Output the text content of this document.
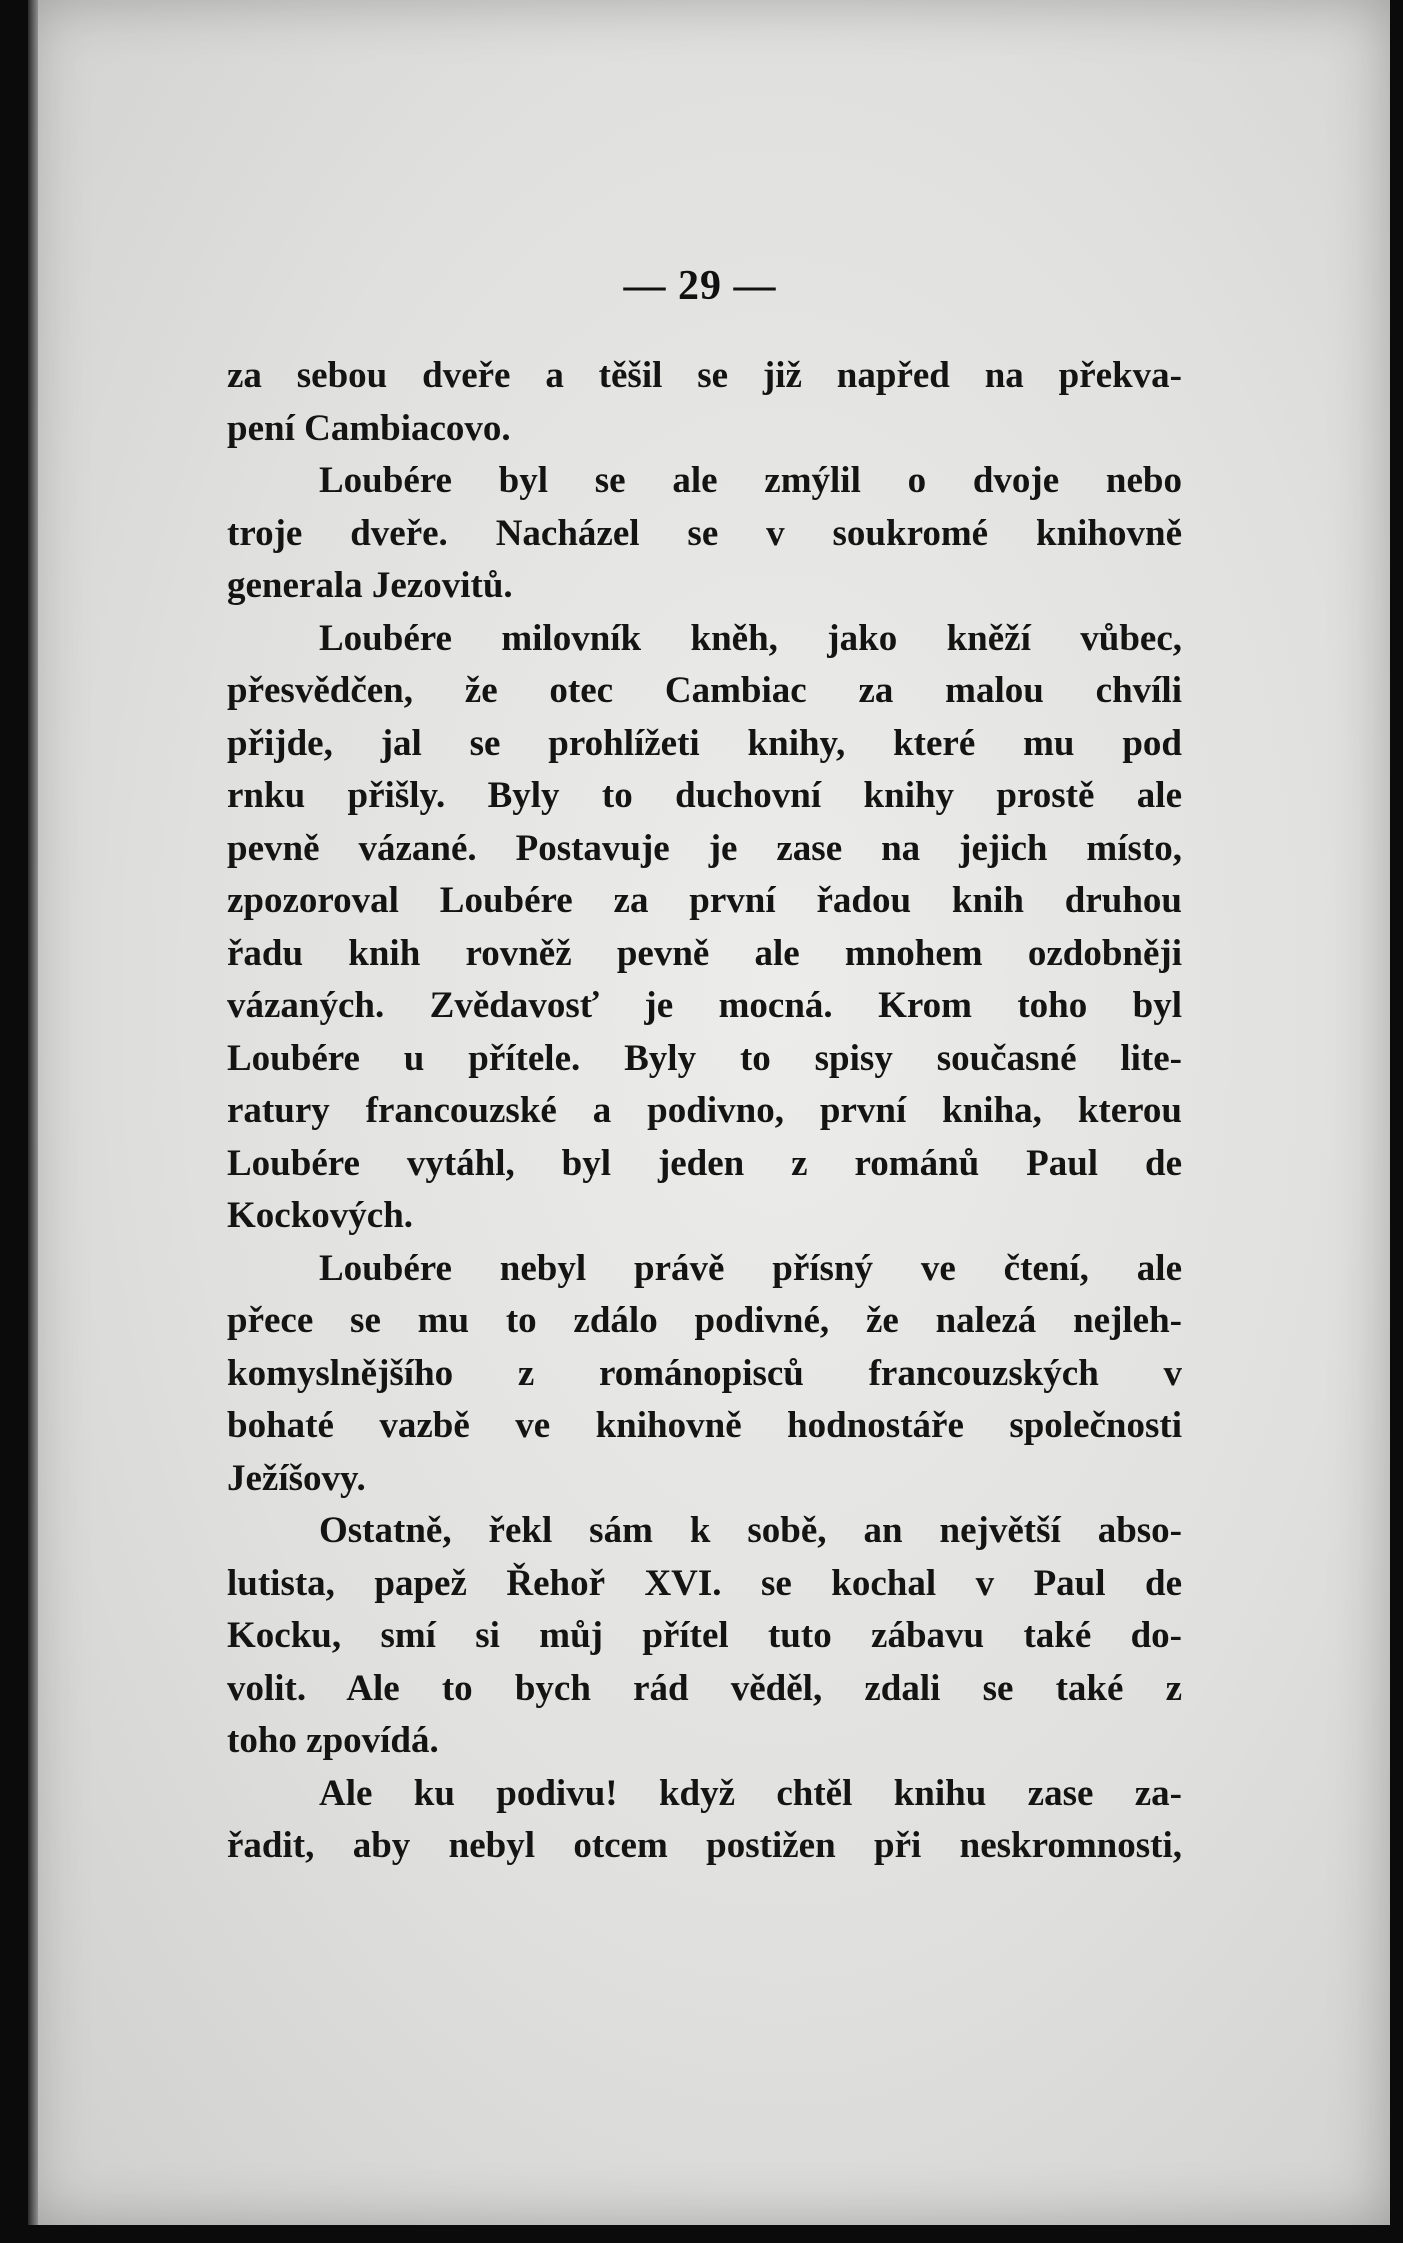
— 29 —
za sebou dveře a těšil se již napřed na překva-
pení Cambiacovo.
Loubére byl se ale zmýlil o dvoje nebo
troje dveře. Nacházel se v soukromé knihovně
generala Jezovitů.
Loubére milovník kněh, jako kněží vůbec,
přesvědčen, že otec Cambiac za malou chvíli
přijde, jal se prohlížeti knihy, které mu pod
rnku přišly. Byly to duchovní knihy prostě ale
pevně vázané. Postavuje je zase na jejich místo,
zpozoroval Loubére za první řadou knih druhou
řadu knih rovněž pevně ale mnohem ozdobněji
vázaných. Zvědavosť je mocná. Krom toho byl
Loubére u přítele. Byly to spisy současné lite-
ratury francouzské a podivno, první kniha, kterou
Loubére vytáhl, byl jeden z románů Paul de
Kockových.
Loubére nebyl právě přísný ve čtení, ale
přece se mu to zdálo podivné, že nalezá nejleh-
komyslnějšího z románopisců francouzských v
bohaté vazbě ve knihovně hodnostáře společnosti
Ježíšovy.
Ostatně, řekl sám k sobě, an největší abso-
lutista, papež Řehoř XVI. se kochal v Paul de
Kocku, smí si můj přítel tuto zábavu také do-
volit. Ale to bych rád věděl, zdali se také z
toho zpovídá.
Ale ku podivu! když chtěl knihu zase za-
řadit, aby nebyl otcem postižen při neskromnosti,
